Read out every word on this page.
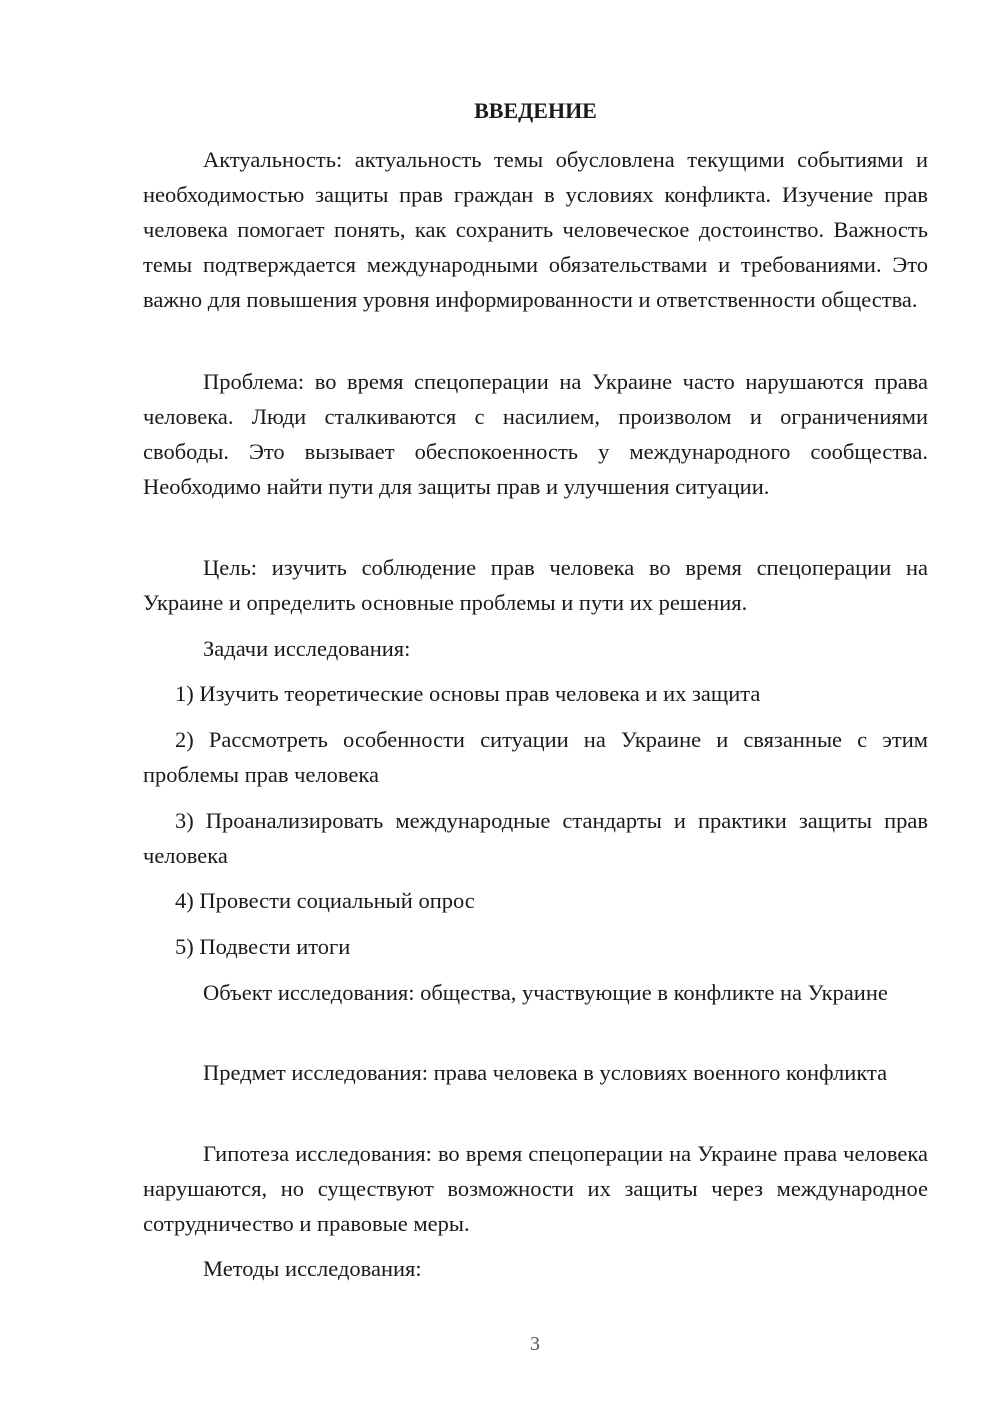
ВВЕДЕНИЕ

Актуальность: актуальность темы обусловлена текущими событиями и необходимостью защиты прав граждан в условиях конфликта. Изучение прав человека помогает понять, как сохранить человеческое достоинство. Важность темы подтверждается международными обязательствами и требованиями. Это важно для повышения уровня информированности и ответственности общества.

Проблема: во время спецоперации на Украине часто нарушаются права человека. Люди сталкиваются с насилием, произволом и ограничениями свободы. Это вызывает обеспокоенность у международного сообщества. Необходимо найти пути для защиты прав и улучшения ситуации.

Цель: изучить соблюдение прав человека во время спецоперации на Украине и определить основные проблемы и пути их решения.

Задачи исследования:

1) Изучить теоретические основы прав человека и их защита

2) Рассмотреть особенности ситуации на Украине и связанные с этим проблемы прав человека

3) Проанализировать международные стандарты и практики защиты прав человека

4) Провести социальный опрос

5) Подвести итоги

Объект исследования: общества, участвующие в конфликте на Украине

Предмет исследования: права человека в условиях военного конфликта

Гипотеза исследования: во время спецоперации на Украине права человека нарушаются, но существуют возможности их защиты через международное сотрудничество и правовые меры.

Методы исследования:

3
